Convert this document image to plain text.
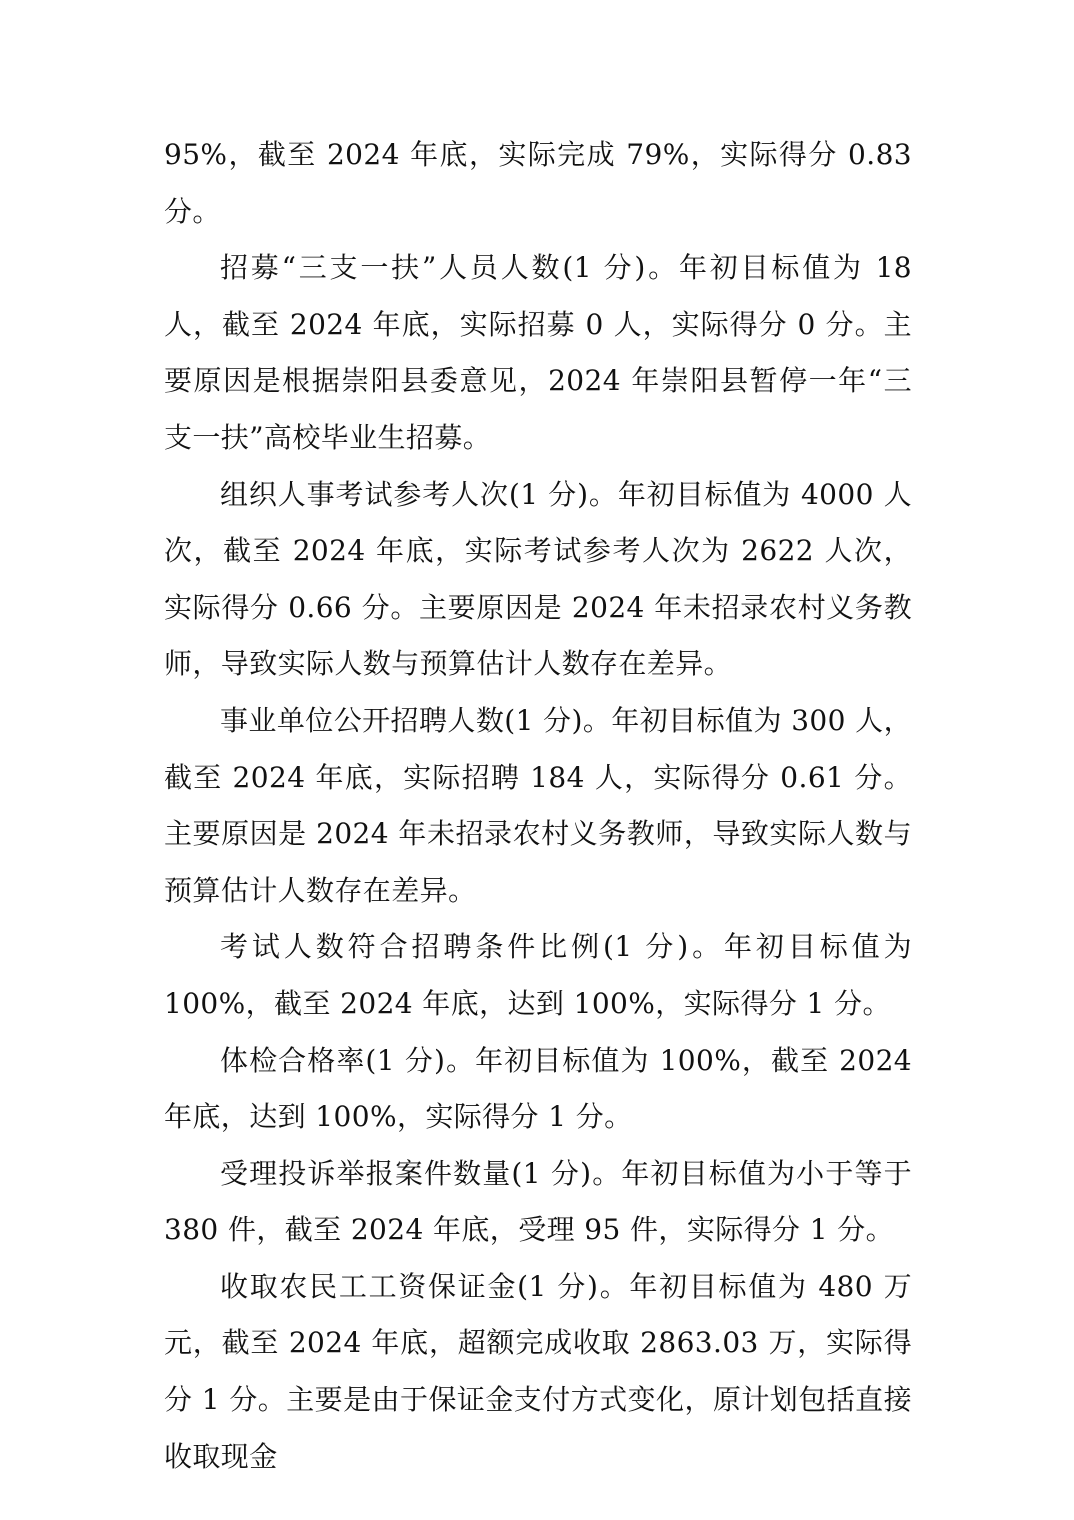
95%，截至 2024 年底，实际完成 79%，实际得分 0.83 分。

招募“三支一扶”人员人数(1 分)。年初目标值为 18 人，截至 2024 年底，实际招募 0 人，实际得分 0 分。主要原因是根据崇阳县委意见，2024 年崇阳县暂停一年“三支一扶”高校毕业生招募。

组织人事考试参考人次(1 分)。年初目标值为 4000 人次，截至 2024 年底，实际考试参考人次为 2622 人次，实际得分 0.66 分。主要原因是 2024 年未招录农村义务教师，导致实际人数与预算估计人数存在差异。

事业单位公开招聘人数(1 分)。年初目标值为 300 人，截至 2024 年底，实际招聘 184 人，实际得分 0.61 分。主要原因是 2024 年未招录农村义务教师，导致实际人数与预算估计人数存在差异。

考试人数符合招聘条件比例(1 分)。年初目标值为 100%，截至 2024 年底，达到 100%，实际得分 1 分。

体检合格率(1 分)。年初目标值为 100%，截至 2024 年底，达到 100%，实际得分 1 分。

受理投诉举报案件数量(1 分)。年初目标值为小于等于 380 件，截至 2024 年底，受理 95 件，实际得分 1 分。

收取农民工工资保证金(1 分)。年初目标值为 480 万元，截至 2024 年底，超额完成收取 2863.03 万，实际得分 1 分。主要是由于保证金支付方式变化，原计划包括直接收取现金
